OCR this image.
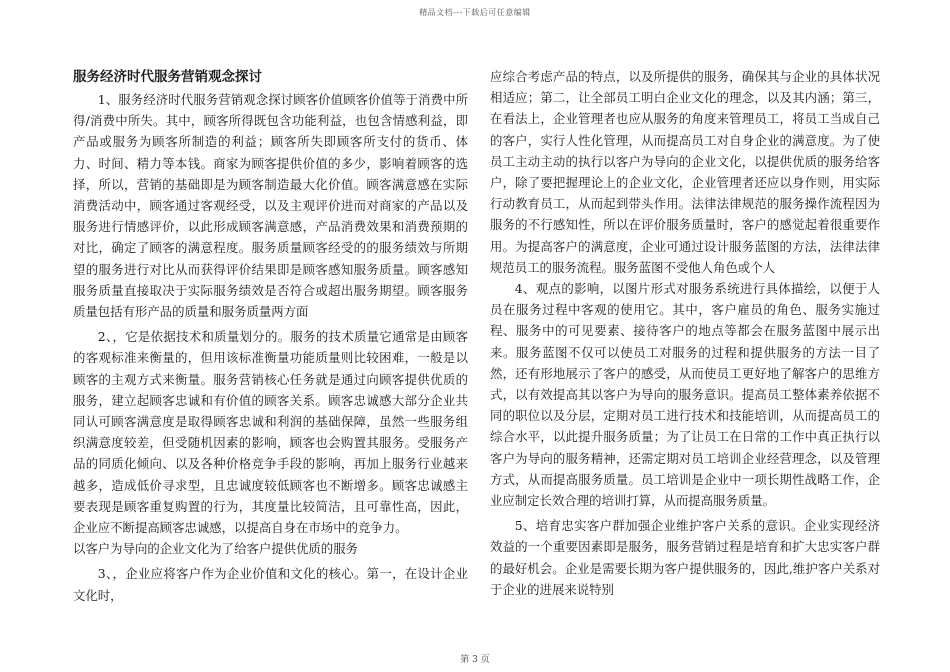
精品文档---下载后可任意编辑
服务经济时代服务营销观念探讨

1、服务经济时代服务营销观念探讨顾客价值顾客价值等于消费中所得/消费中所失。其中，顾客所得既包含功能利益，也包含情感利益，即产品或服务为顾客所制造的利益；顾客所失即顾客所支付的货币、体力、时间、精力等本钱。商家为顾客提供价值的多少，影响着顾客的选择，所以，营销的基础即是为顾客制造最大化价值。顾客满意感在实际消费活动中，顾客通过客观经受，以及主观评价进而对商家的产品以及服务进行情感评价，以此形成顾客满意感，产品消费效果和消费预期的对比，确定了顾客的满意程度。服务质量顾客经受的的服务绩效与所期望的服务进行对比从而获得评价结果即是顾客感知服务质量。顾客感知服务质量直接取决于实际服务绩效是否符合或超出服务期望。顾客服务质量包括有形产品的质量和服务质量两方面

2、，它是依据技术和质量划分的。服务的技术质量它通常是由顾客的客观标准来衡量的，但用该标准衡量功能质量则比较困难，一般是以顾客的主观方式来衡量。服务营销核心任务就是通过向顾客提供优质的服务，建立起顾客忠诚和有价值的顾客关系。顾客忠诚感大部分企业共同认可顾客满意度是取得顾客忠诚和利润的基础保障，虽然一些服务组织满意度较差，但受随机因素的影响，顾客也会购置其服务。受服务产品的同质化倾向、以及各种价格竞争手段的影响，再加上服务行业越来越多，造成低价寻求型，且忠诚度较低顾客也不断增多。顾客忠诚感主要表现是顾客重复购置的行为，其度量比较简洁，且可靠性高，因此，企业应不断提高顾客忠诚感，以提高自身在市场中的竞争力。

以客户为导向的企业文化为了给客户提供优质的服务

3、，企业应将客户作为企业价值和文化的核心。第一，在设计企业文化时，

应综合考虑产品的特点，以及所提供的服务，确保其与企业的具体状况相适应；第二，让全部员工明白企业文化的理念，以及其内涵；第三，在看法上，企业管理者也应从服务的角度来管理员工，将员工当成自己的客户，实行人性化管理，从而提高员工对自身企业的满意度。为了使员工主动主动的执行以客户为导向的企业文化，以提供优质的服务给客户，除了要把握理论上的企业文化，企业管理者还应以身作则，用实际行动教育员工，从而起到带头作用。法律法律规范的服务操作流程因为服务的不行感知性，所以在评价服务质量时，客户的感觉起着很重要作用。为提高客户的满意度，企业可通过设计服务蓝图的方法，法律法律规范员工的服务流程。服务蓝图不受他人角色或个人

4、观点的影响，以图片形式对服务系统进行具体描绘，以便于人员在服务过程中客观的使用它。其中，客户雇员的角色、服务实施过程、服务中的可见要素、接待客户的地点等都会在服务蓝图中展示出来。服务蓝图不仅可以使员工对服务的过程和提供服务的方法一目了然，还有形地展示了客户的感受，从而使员工更好地了解客户的思维方式，以有效提高其以客户为导向的服务意识。提高员工整体素养依据不同的职位以及分层，定期对员工进行技术和技能培训，从而提高员工的综合水平，以此提升服务质量；为了让员工在日常的工作中真正执行以客户为导向的服务精神，还需定期对员工培训企业经营理念，以及管理方式，从而提高服务质量。员工培训是企业中一项长期性战略工作，企业应制定长效合理的培训打算，从而提高服务质量。

5、培育忠实客户群加强企业维护客户关系的意识。企业实现经济效益的一个重要因素即是服务，服务营销过程是培育和扩大忠实客户群的最好机会。企业是需要长期为客户提供服务的，因此,维护客户关系对于企业的进展来说特别

第 3 页
